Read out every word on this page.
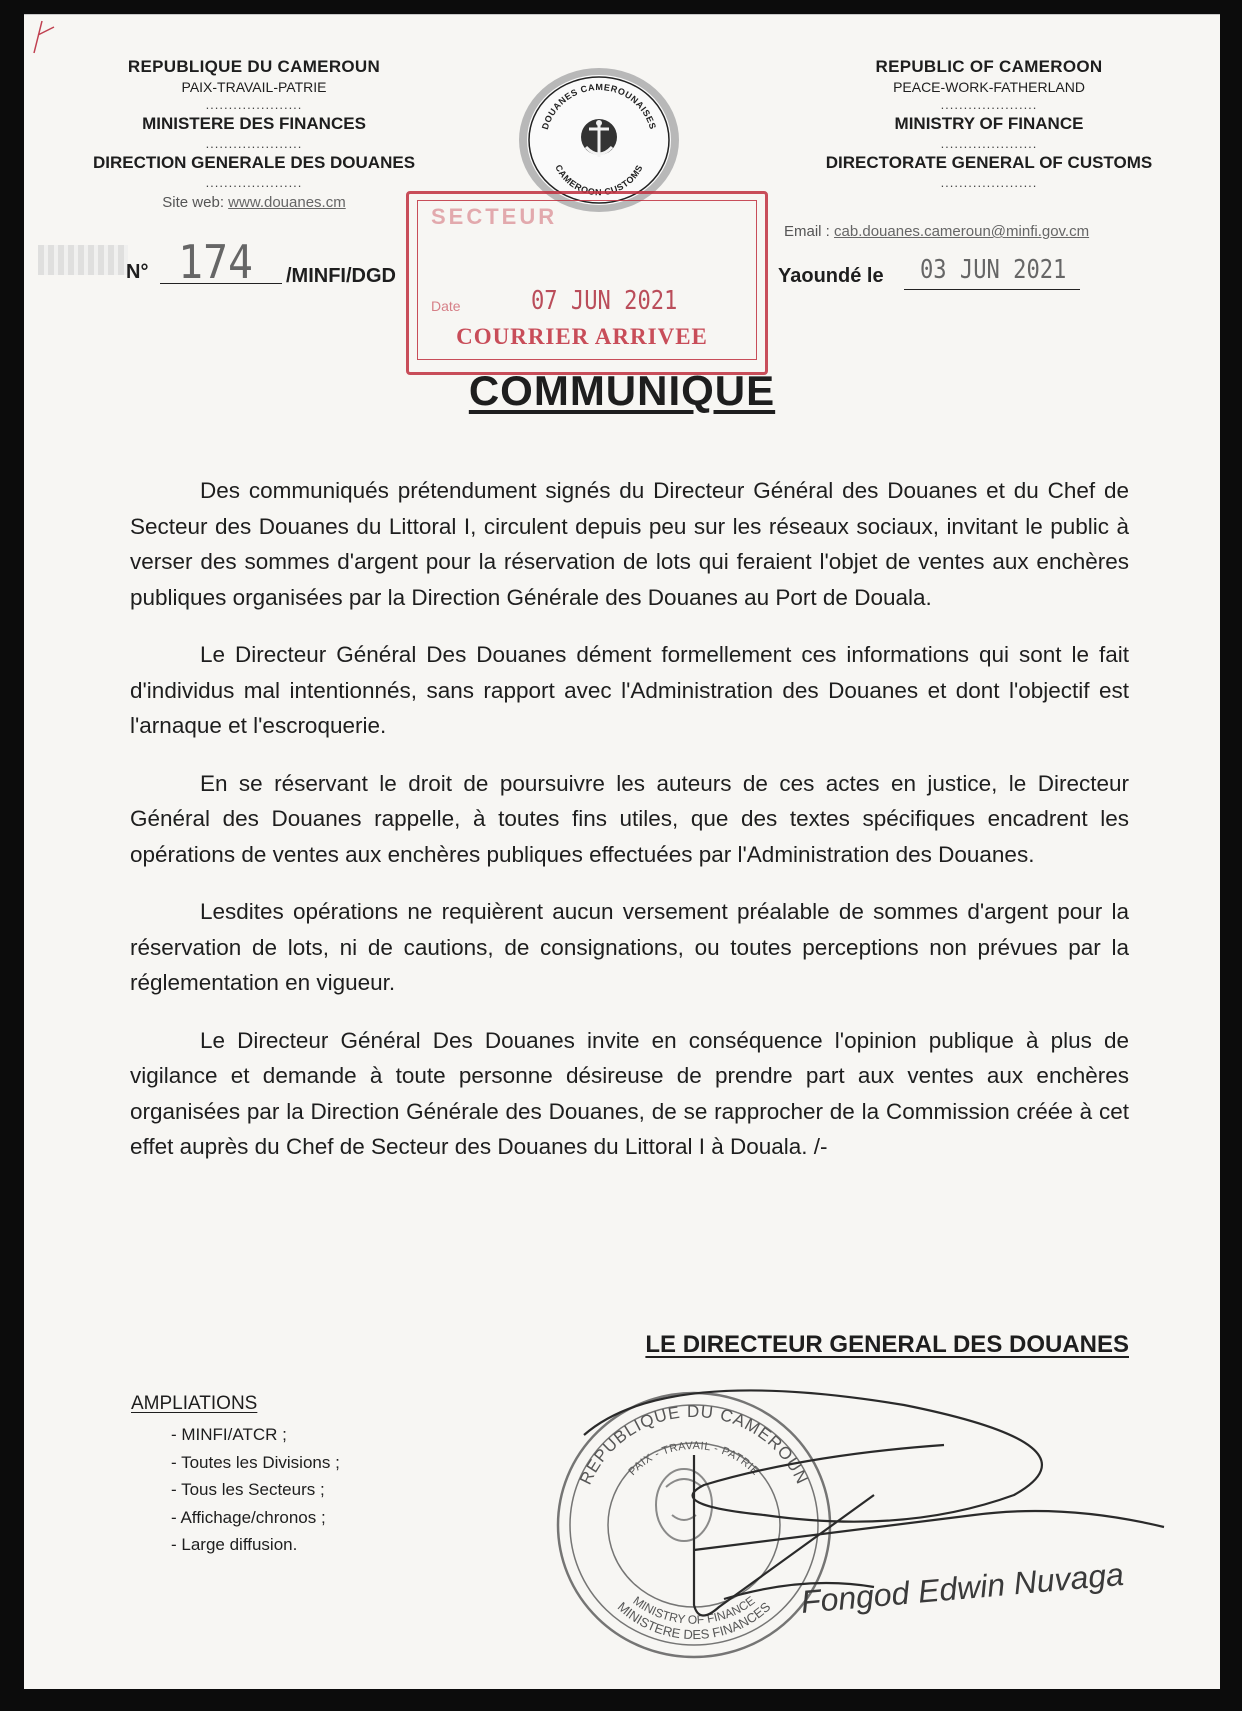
REPUBLIQUE DU CAMEROUN
PAIX-TRAVAIL-PATRIE
.....................
MINISTERE DES FINANCES
.....................
DIRECTION GENERALE DES DOUANES
.....................
Site web: www.douanes.cm
REPUBLIC OF CAMEROON
PEACE-WORK-FATHERLAND
.....................
MINISTRY OF FINANCE
.....................
DIRECTORATE GENERAL OF CUSTOMS
.....................
Email : cab.douanes.cameroun@minfi.gov.cm
DOUANES CAMEROUNAISES
CAMEROON CUSTOMS
SECTEUR
Date	07 JUN 2021
COURRIER ARRIVEE
N° 174 /MINFI/DGD	Yaoundé le 03 JUN 2021
COMMUNIQUE

Des communiqués prétendument signés du Directeur Général des Douanes et du Chef de Secteur des Douanes du Littoral I, circulent depuis peu sur les réseaux sociaux, invitant le public à verser des sommes d'argent pour la réservation de lots qui feraient l'objet de ventes aux enchères publiques organisées par la Direction Générale des Douanes au Port de Douala.

Le Directeur Général Des Douanes dément formellement ces informations qui sont le fait d'individus mal intentionnés, sans rapport avec l'Administration des Douanes et dont l'objectif est l'arnaque et l'escroquerie.

En se réservant le droit de poursuivre les auteurs de ces actes en justice, le Directeur Général des Douanes rappelle, à toutes fins utiles, que des textes spécifiques encadrent les opérations de ventes aux enchères publiques effectuées par l'Administration des Douanes.

Lesdites opérations ne requièrent aucun versement préalable de sommes d'argent pour la réservation de lots, ni de cautions, de consignations, ou toutes perceptions non prévues par la réglementation en vigueur.

Le Directeur Général Des Douanes invite en conséquence l'opinion publique à plus de vigilance et demande à toute personne désireuse de prendre part aux ventes aux enchères organisées par la Direction Générale des Douanes, de se rapprocher de la Commission créée à cet effet auprès du Chef de Secteur des Douanes du Littoral I à Douala. /-

LE DIRECTEUR GENERAL DES DOUANES
AMPLIATIONS
- MINFI/ATCR ;
- Toutes les Divisions ;
- Tous les Secteurs ;
- Affichage/chronos ;
- Large diffusion.
REPUBLIQUE DU CAMEROUN
PAIX - TRAVAIL - PATRIE
MINISTRY OF FINANCE
MINISTERE DES FINANCES Fongod Edwin Nuvaga
